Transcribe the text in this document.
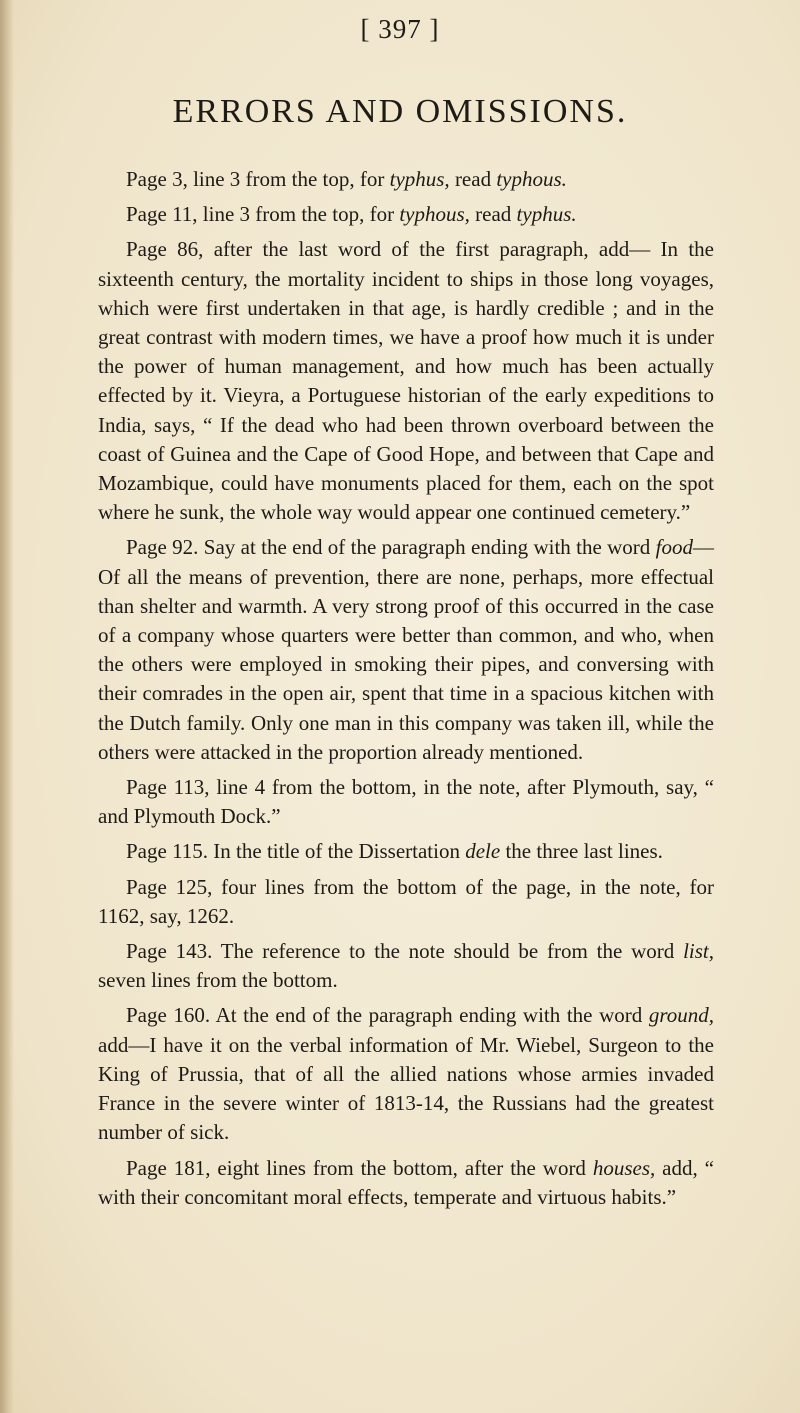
[ 397 ]
ERRORS AND OMISSIONS.

Page 3, line 3 from the top, for typhus, read typhous.

Page 11, line 3 from the top, for typhous, read typhus.

Page 86, after the last word of the first paragraph, add— In the sixteenth century, the mortality incident to ships in those long voyages, which were first undertaken in that age, is hardly credible ; and in the great contrast with modern times, we have a proof how much it is under the power of human management, and how much has been actually effected by it. Vieyra, a Portuguese historian of the early expeditions to India, says, “ If the dead who had been thrown overboard between the coast of Guinea and the Cape of Good Hope, and between that Cape and Mozambique, could have monuments placed for them, each on the spot where he sunk, the whole way would appear one continued cemetery.”

Page 92. Say at the end of the paragraph ending with the word food—Of all the means of prevention, there are none, perhaps, more effectual than shelter and warmth. A very strong proof of this occurred in the case of a company whose quarters were better than common, and who, when the others were employed in smoking their pipes, and conversing with their comrades in the open air, spent that time in a spacious kitchen with the Dutch family. Only one man in this company was taken ill, while the others were attacked in the proportion already mentioned.

Page 113, line 4 from the bottom, in the note, after Plymouth, say, “ and Plymouth Dock.”

Page 115. In the title of the Dissertation dele the three last lines.

Page 125, four lines from the bottom of the page, in the note, for 1162, say, 1262.

Page 143. The reference to the note should be from the word list, seven lines from the bottom.

Page 160. At the end of the paragraph ending with the word ground, add—I have it on the verbal information of Mr. Wiebel, Surgeon to the King of Prussia, that of all the allied nations whose armies invaded France in the severe winter of 1813-14, the Russians had the greatest number of sick.

Page 181, eight lines from the bottom, after the word houses, add, “ with their concomitant moral effects, temperate and virtuous habits.”
